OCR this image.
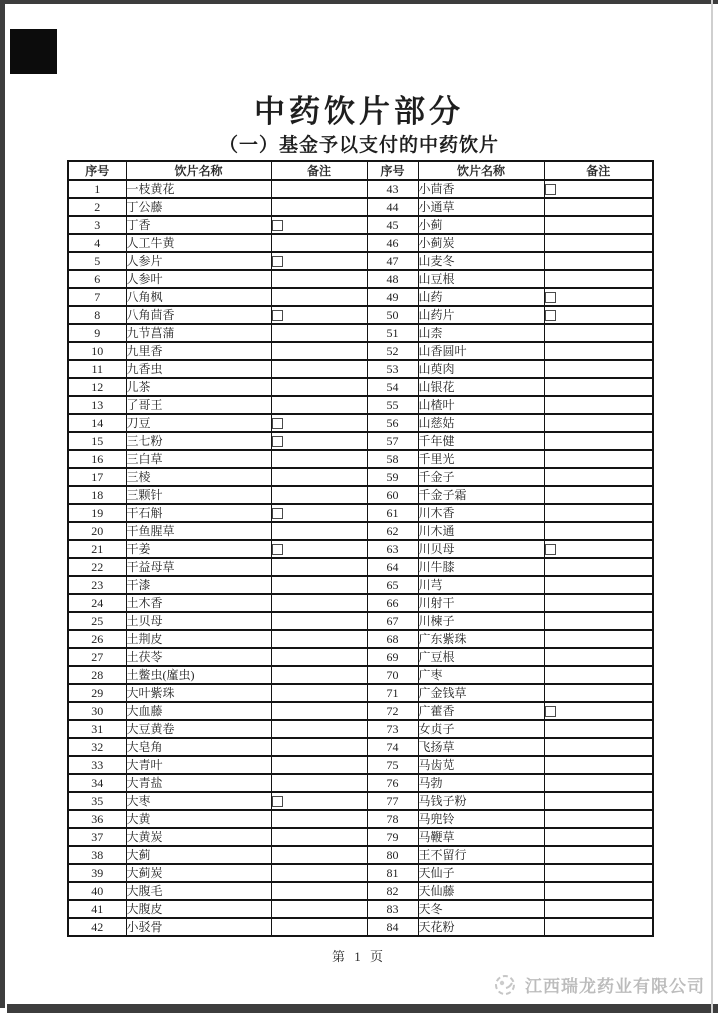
中药饮片部分
（一）基金予以支付的中药饮片
序号	饮片名称	备注	序号	饮片名称	备注
1	一枝黄花		43	小茴香	
2	丁公藤		44	小通草	
3	丁香		45	小蓟	
4	人工牛黄		46	小蓟炭	
5	人参片		47	山麦冬	
6	人参叶		48	山豆根	
7	八角枫		49	山药	
8	八角茴香		50	山药片	
9	九节菖蒲		51	山柰	
10	九里香		52	山香圆叶	
11	九香虫		53	山萸肉	
12	儿茶		54	山银花	
13	了哥王		55	山楂叶	
14	刀豆		56	山慈姑	
15	三七粉		57	千年健	
16	三白草		58	千里光	
17	三棱		59	千金子	
18	三颗针		60	千金子霜	
19	干石斛		61	川木香	
20	干鱼腥草		62	川木通	
21	干姜		63	川贝母	
22	干益母草		64	川牛膝	
23	干漆		65	川芎	
24	土木香		66	川射干	
25	土贝母		67	川楝子	
26	土荆皮		68	广东紫珠	
27	土茯苓		69	广豆根	
28	土鳖虫(廑虫)		70	广枣	
29	大叶紫珠		71	广金钱草	
30	大血藤		72	广藿香	
31	大豆黄卷		73	女贞子	
32	大皂角		74	飞扬草	
33	大青叶		75	马齿苋	
34	大青盐		76	马勃	
35	大枣		77	马钱子粉	
36	大黄		78	马兜铃	
37	大黄炭		79	马鞭草	
38	大蓟		80	王不留行	
39	大蓟炭		81	天仙子	
40	大腹毛		82	天仙藤	
41	大腹皮		83	天冬	
42	小驳骨		84	天花粉	
第 1 页
江西瑞龙药业有限公司
